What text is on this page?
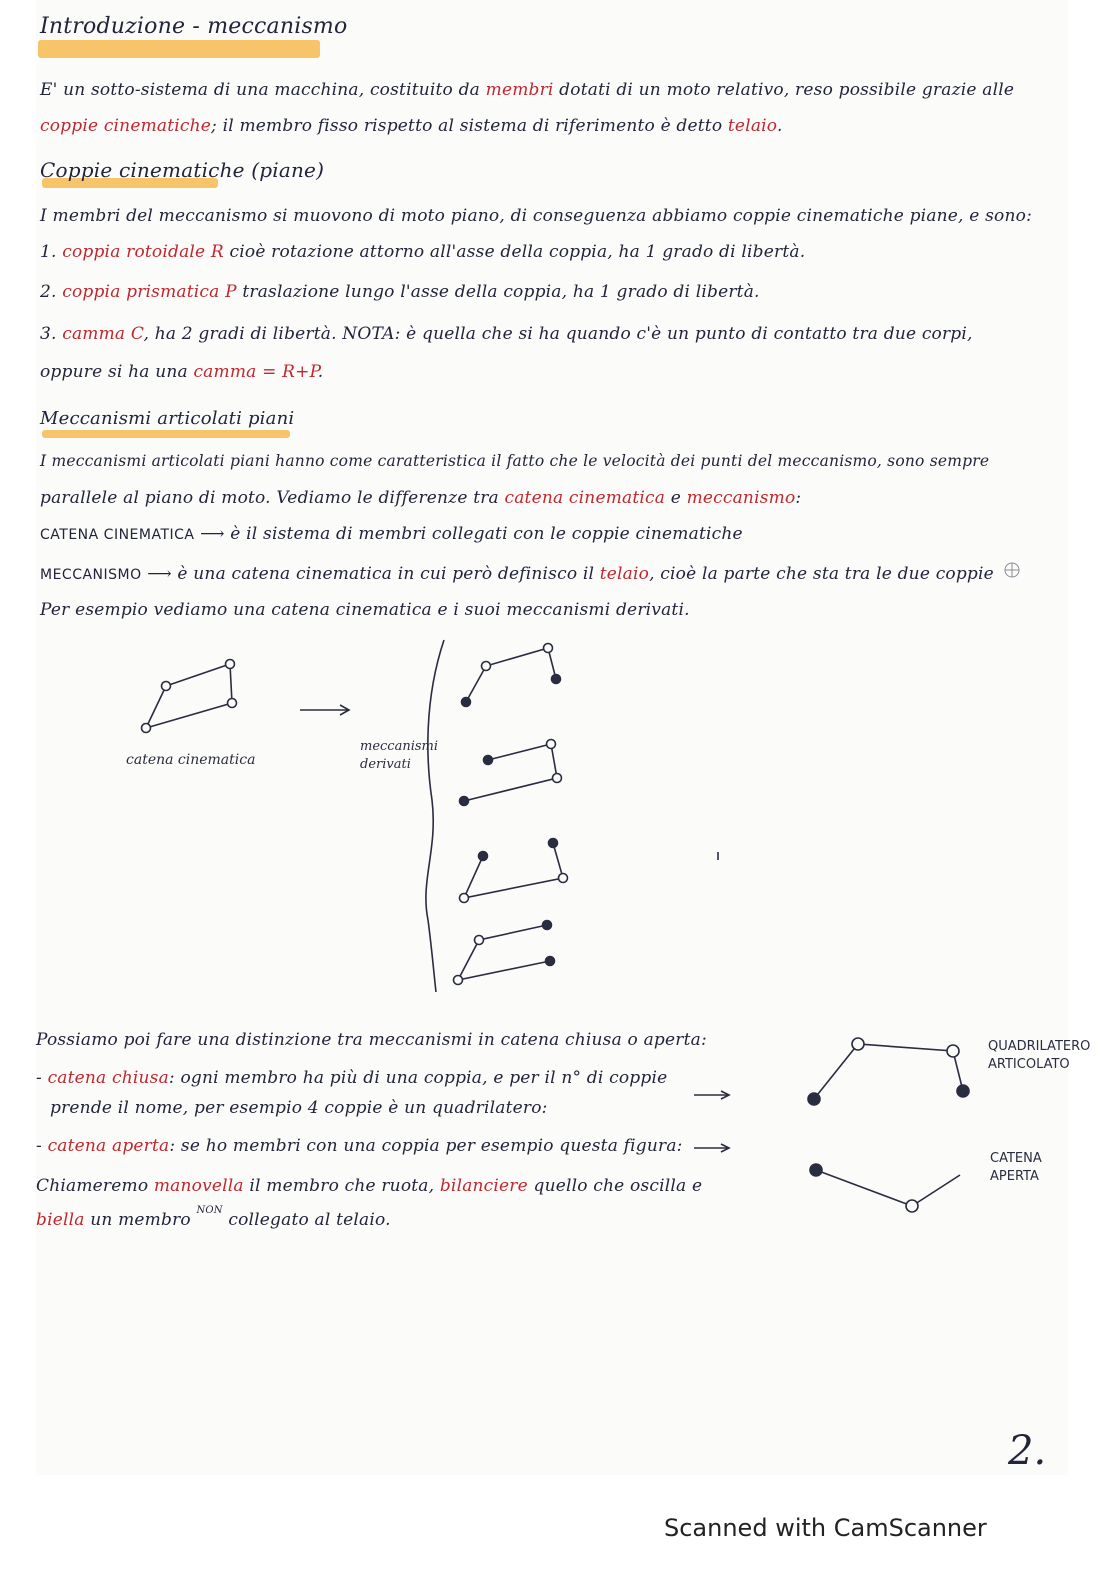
Introduzione - meccanismo
E' un sotto-sistema di una macchina, costituito da membri dotati di un moto relativo, reso possibile grazie alle
coppie cinematiche; il membro fisso rispetto al sistema di riferimento è detto telaio.
Coppie cinematiche (piane)
I membri del meccanismo si muovono di moto piano, di conseguenza abbiamo coppie cinematiche piane, e sono:
1. coppia rotoidale R cioè rotazione attorno all'asse della coppia, ha 1 grado di libertà.
2. coppia prismatica P traslazione lungo l'asse della coppia, ha 1 grado di libertà.
3. camma C, ha 2 gradi di libertà. NOTA: è quella che si ha quando c'è un punto di contatto tra due corpi,
oppure si ha una camma = R+P.
Meccanismi articolati piani
I meccanismi articolati piani hanno come caratteristica il fatto che le velocità dei punti del meccanismo, sono sempre
parallele al piano di moto. Vediamo le differenze tra catena cinematica e meccanismo:
CATENA CINEMATICA ⟶ è il sistema di membri collegati con le coppie cinematiche
MECCANISMO ⟶ è una catena cinematica in cui però definisco il telaio, cioè la parte che sta tra le due coppie
Per esempio vediamo una catena cinematica e i suoi meccanismi derivati.
catena cinematica
meccanismi
derivati
Possiamo poi fare una distinzione tra meccanismi in catena chiusa o aperta:
- catena chiusa: ogni membro ha più di una coppia, e per il n° di coppie
prende il nome, per esempio 4 coppie è un quadrilatero:
- catena aperta: se ho membri con una coppia per esempio questa figura:
Chiameremo manovella il membro che ruota, bilanciere quello che oscilla e
biella un membro $^{NON}$ collegato al telaio.
QUADRILATERO
ARTICOLATO
CATENA
APERTA
2.
Scanned with CamScanner
